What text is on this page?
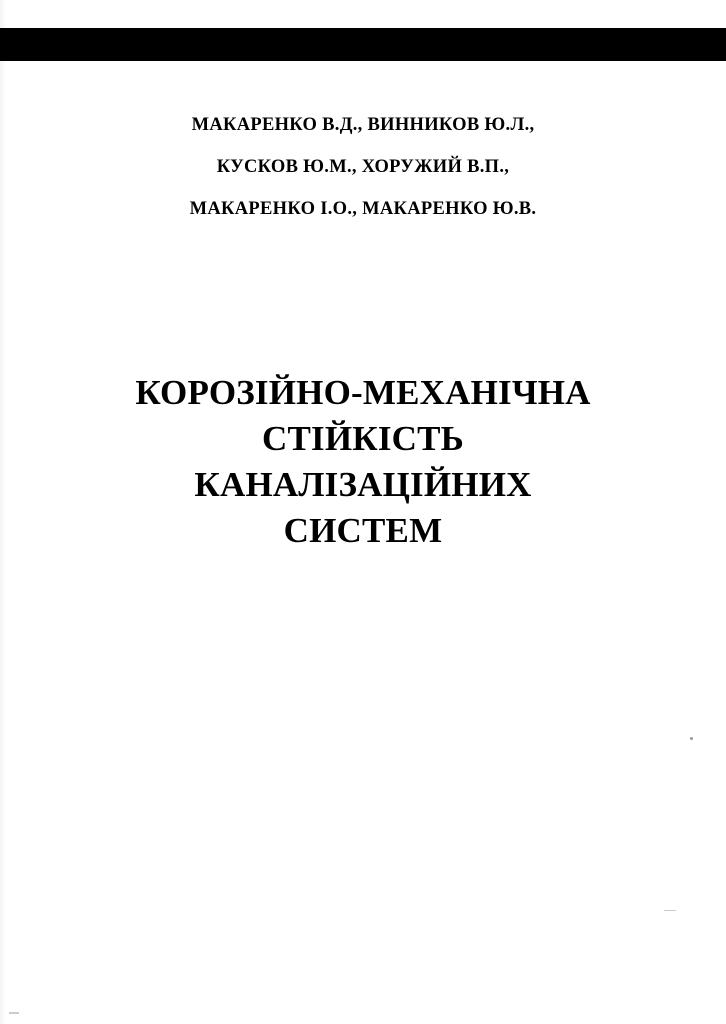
МАКАРЕНКО В.Д., ВИННИКОВ Ю.Л.,
КУСКОВ Ю.М., ХОРУЖИЙ В.П.,
МАКАРЕНКО І.О., МАКАРЕНКО Ю.В.
КОРОЗІЙНО-МЕХАНІЧНА
СТІЙКІСТЬ
КАНАЛІЗАЦІЙНИХ
СИСТЕМ
